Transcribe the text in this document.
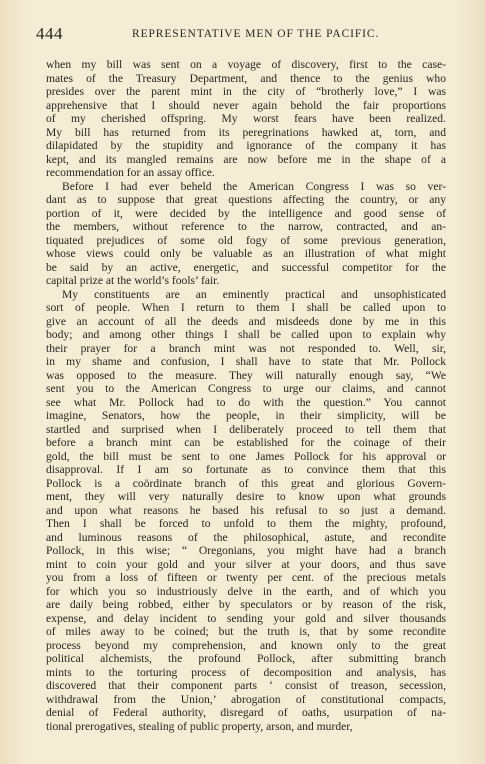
444	REPRESENTATIVE MEN OF THE PACIFIC.
when my bill was sent on a voyage of discovery, first to the case-
mates of the Treasury Department, and thence to the genius who
presides over the parent mint in the city of “brotherly love,” I was
apprehensive that I should never again behold the fair proportions
of my cherished offspring. My worst fears have been realized.
My bill has returned from its peregrinations hawked at, torn, and
dilapidated by the stupidity and ignorance of the company it has
kept, and its mangled remains are now before me in the shape of a
recommendation for an assay office.
Before I had ever beheld the American Congress I was so ver-
dant as to suppose that great questions affecting the country, or any
portion of it, were decided by the intelligence and good sense of
the members, without reference to the narrow, contracted, and an-
tiquated prejudices of some old fogy of some previous generation,
whose views could only be valuable as an illustration of what might
be said by an active, energetic, and successful competitor for the
capital prize at the world’s fools’ fair.
My constituents are an eminently practical and unsophisticated
sort of people. When I return to them I shall be called upon to
give an account of all the deeds and misdeeds done by me in this
body; and among other things I shall be called upon to explain why
their prayer for a branch mint was not responded to. Well, sir,
in my shame and confusion, I shall have to state that Mr. Pollock
was opposed to the measure. They will naturally enough say, “We
sent you to the American Congress to urge our claims, and cannot
see what Mr. Pollock had to do with the question.” You cannot
imagine, Senators, how the people, in their simplicity, will be
startled and surprised when I deliberately proceed to tell them that
before a branch mint can be established for the coinage of their
gold, the bill must be sent to one James Pollock for his approval or
disapproval. If I am so fortunate as to convince them that this
Pollock is a coördinate branch of this great and glorious Govern-
ment, they will very naturally desire to know upon what grounds
and upon what reasons he based his refusal to so just a demand.
Then I shall be forced to unfold to them the mighty, profound,
and luminous reasons of the philosophical, astute, and recondite
Pollock, in this wise; “ Oregonians, you might have had a branch
mint to coin your gold and your silver at your doors, and thus save
you from a loss of fifteen or twenty per cent. of the precious metals
for which you so industriously delve in the earth, and of which you
are daily being robbed, either by speculators or by reason of the risk,
expense, and delay incident to sending your gold and silver thousands
of miles away to be coined; but the truth is, that by some recondite
process beyond my comprehension, and known only to the great
political alchemists, the profound Pollock, after submitting branch
mints to the torturing process of decomposition and analysis, has
discovered that their component parts ‘ consist of treason, secession,
withdrawal from the Union,’ abrogation of constitutional compacts,
denial of Federal authority, disregard of oaths, usurpation of na-
tional prerogatives, stealing of public property, arson, and murder,
